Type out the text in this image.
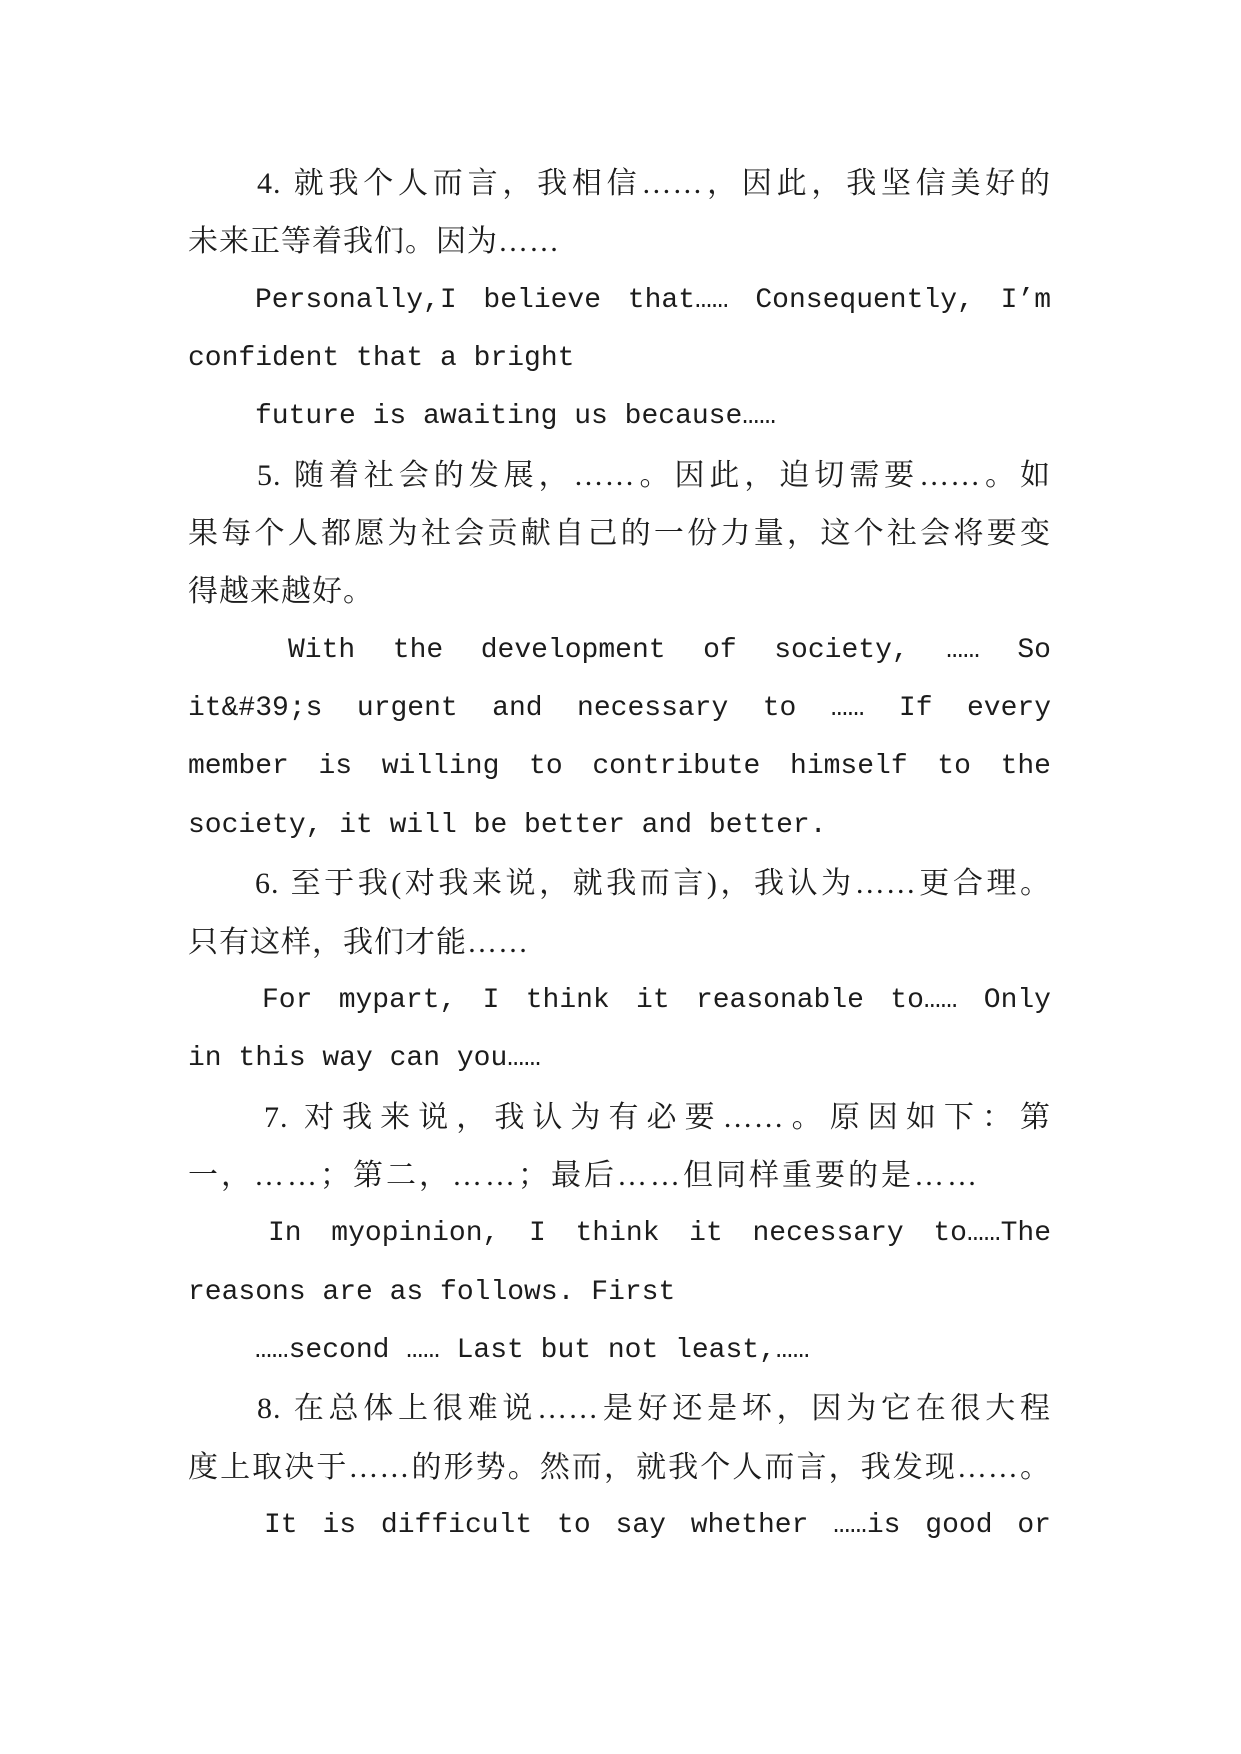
4. 就我个人而言，我相信……，因此，我坚信美好的
未来正等着我们。因为……
Personally,I believe that…… Consequently, I’m
confident that a bright
future is awaiting us because……
5. 随着社会的发展，……。因此，迫切需要……。如
果每个人都愿为社会贡献自己的一份力量，这个社会将要变
得越来越好。
With the development of society, …… So
it&#39;s urgent and necessary to …… If every
member is willing to contribute himself to the
society, it will be better and better.
6. 至于我(对我来说，就我而言)，我认为……更合理。
只有这样，我们才能……
For mypart, I think it reasonable to…… Only
in this way can you……
7. 对我来说，我认为有必要……。原因如下：第
一，……；第二，……；最后……但同样重要的是……
In myopinion, I think it necessary to……The
reasons are as follows. First
……second …… Last but not least,……
8. 在总体上很难说……是好还是坏，因为它在很大程
度上取决于……的形势。然而，就我个人而言，我发现……。
It is difficult to say whether ……is good or
